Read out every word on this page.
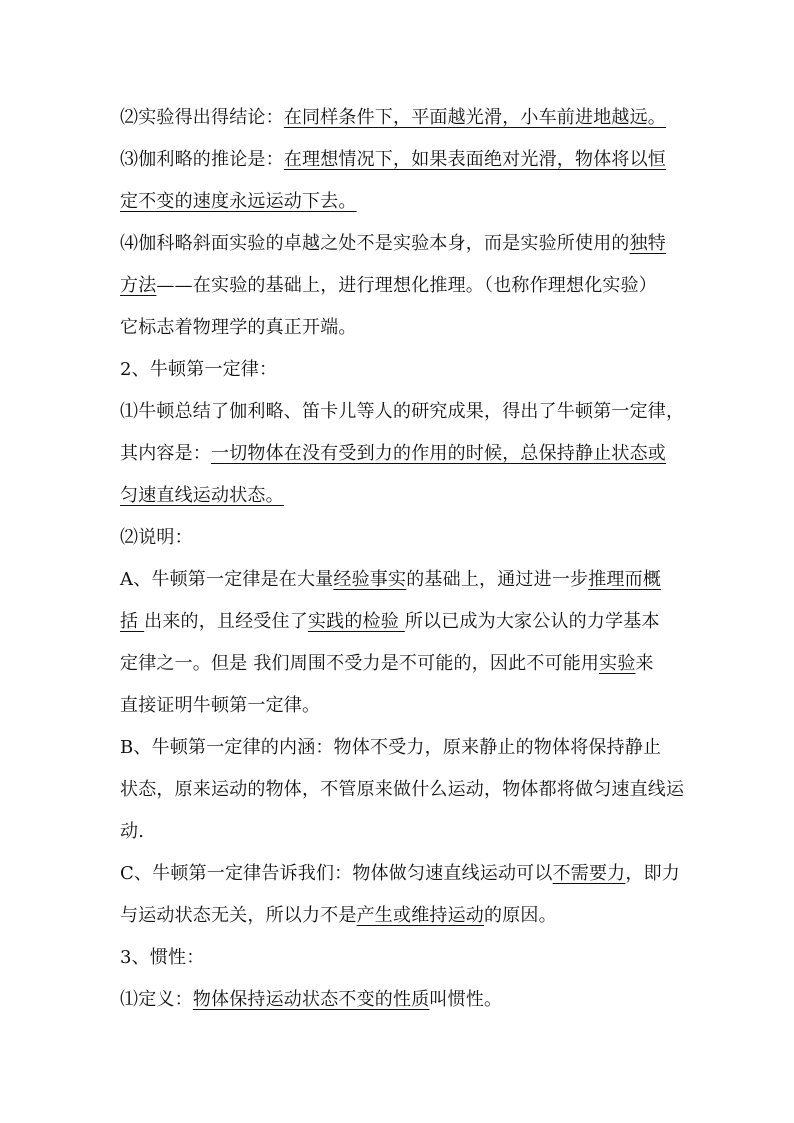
⑵实验得出得结论：在同样条件下，平面越光滑，小车前进地越远。
⑶伽利略的推论是：在理想情况下，如果表面绝对光滑，物体将以恒
定不变的速度永远运动下去。
⑷伽科略斜面实验的卓越之处不是实验本身，而是实验所使用的独特
方法——在实验的基础上，进行理想化推理。（也称作理想化实验）
它标志着物理学的真正开端。
2、牛顿第一定律：
⑴牛顿总结了伽利略、笛卡儿等人的研究成果，得出了牛顿第一定律，
其内容是：一切物体在没有受到力的作用的时候，总保持静止状态或
匀速直线运动状态。
⑵说明：
A、牛顿第一定律是在大量经验事实的基础上，通过进一步推理而概
括 出来的，且经受住了实践的检验 所以已成为大家公认的力学基本
定律之一。但是 我们周围不受力是不可能的，因此不可能用实验来
直接证明牛顿第一定律。
B、牛顿第一定律的内涵：物体不受力，原来静止的物体将保持静止
状态，原来运动的物体，不管原来做什么运动，物体都将做匀速直线运
动.
C、牛顿第一定律告诉我们：物体做匀速直线运动可以不需要力，即力
与运动状态无关，所以力不是产生或维持运动的原因。
3、惯性：
⑴定义：物体保持运动状态不变的性质叫惯性。
